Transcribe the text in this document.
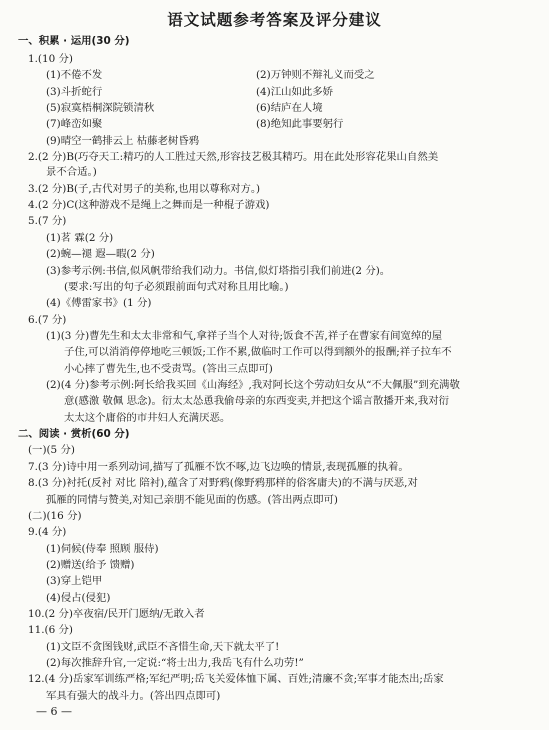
语文试题参考答案及评分建议
一、积累 · 运用(30 分)
1.(10 分)
(1)不倦不发	(2)万钟则不辩礼义而受之
(3)斗折蛇行	(4)江山如此多娇
(5)寂寞梧桐深院锁清秋	(6)结庐在人境
(7)峰峦如聚	(8)绝知此事要躬行
(9)晴空一鹤排云上 枯藤老树昏鸦
2.(2 分)B(巧夺天工:精巧的人工胜过天然,形容技艺极其精巧。用在此处形容花果山自然美
景不合适。)
3.(2 分)B(子,古代对男子的美称,也用以尊称对方。)
4.(2 分)C(这种游戏不是绳上之舞而是一种棍子游戏)
5.(7 分)
(1)茗 霖(2 分)
(2)蜿—褪 遐—暇(2 分)
(3)参考示例:书信,似风帆带给我们动力。书信,似灯塔指引我们前进(2 分)。
(要求:写出的句子必须跟前面句式对称且用比喻。)
(4)《傅雷家书》(1 分)
6.(7 分)
(1)(3 分)曹先生和太太非常和气,拿祥子当个人对待;饭食不苦,祥子在曹家有间宽绰的屋
子住,可以消消停停地吃三顿饭;工作不累,做临时工作可以得到额外的报酬;祥子拉车不
小心摔了曹先生,也不受责骂。(答出三点即可)
(2)(4 分)参考示例:阿长给我买回《山海经》,我对阿长这个劳动妇女从“不大佩服”到充满敬
意(感激 敬佩 思念)。衍太太怂恿我偷母亲的东西变卖,并把这个谣言散播开来,我对衍
太太这个庸俗的市井妇人充满厌恶。
二、阅读 · 赏析(60 分)
(一)(5 分)
7.(3 分)诗中用一系列动词,描写了孤雁不饮不啄,边飞边唤的情景,表现孤雁的执着。
8.(3 分)衬托(反衬 对比 陪衬),蕴含了对野鸦(像野鸦那样的俗客庸夫)的不满与厌恶,对
孤雁的同情与赞美,对知己亲朋不能见面的伤感。(答出两点即可)
(二)(16 分)
9.(4 分)
(1)伺候(侍奉 照顾 服侍)
(2)赠送(给予 馈赠)
(3)穿上铠甲
(4)侵占(侵犯)
10.(2 分)卒夜宿/民开门愿纳/无敢入者
11.(6 分)
(1)文臣不贪图钱财,武臣不吝惜生命,天下就太平了!
(2)每次推辞升官,一定说:“将士出力,我岳飞有什么功劳!”
12.(4 分)岳家军训练严格;军纪严明;岳飞关爱体恤下属、百姓;清廉不贪;军事才能杰出;岳家
军具有强大的战斗力。(答出四点即可)
— 6 —
